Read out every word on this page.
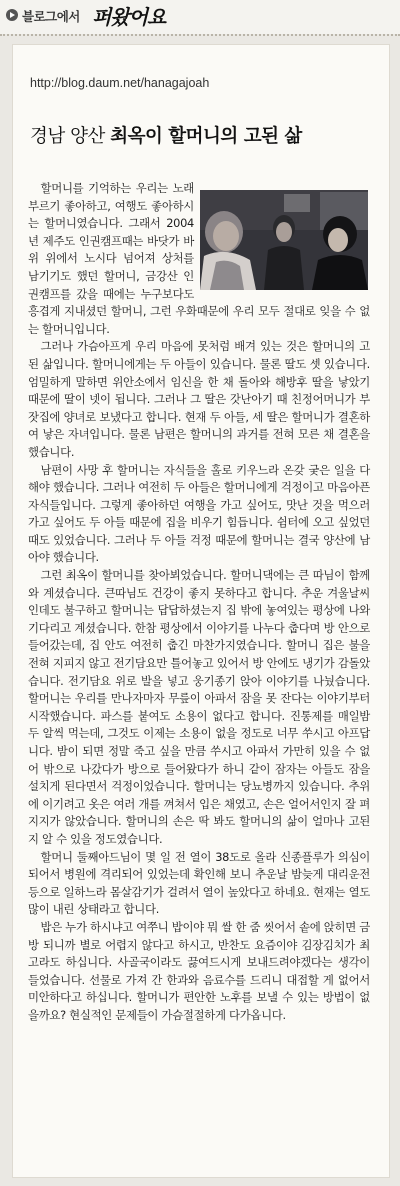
블로그에서 퍼왔어요
http://blog.daum.net/hanagajoah
경남 양산 최옥이 할머니의 고된 삶

할머니를 기억하는 우리는 노래부르기 좋아하고, 여행도 좋아하시는 할머니였습니다. 그래서 2004년 제주도 인권캠프때는 바닷가 바위 위에서 노시다 넘어져 상처를 남기기도 했던 할머니, 금강산 인권캠프를 갔을 때에는 누구보다도 흥겹게 지내셨던 할머니, 그런 우화때문에 우리 모두 절대로 잊을 수 없는 할머니입니다.

그러나 가슴아프게 우리 마음에 못처럼 배겨 있는 것은 할머니의 고된 삶입니다. 할머니에게는 두 아들이 있습니다. 물론 딸도 셋 있습니다. 엄밀하게 말하면 위안소에서 임신을 한 채 돌아와 해방후 딸을 낳았기 때문에 딸이 넷이 됩니다. 그러나 그 딸은 갓난아기 때 친정어머니가 부잣집에 양녀로 보냈다고 합니다. 현재 두 아들, 세 딸은 할머니가 결혼하여 낳은 자녀입니다. 물론 남편은 할머니의 과거를 전혀 모른 채 결혼을 했습니다.

남편이 사망 후 할머니는 자식들을 홀로 키우느라 온갖 궂은 일을 다 해야 했습니다. 그러나 여전히 두 아들은 할머니에게 걱정이고 마음아픈 자식들입니다. 그렇게 좋아하던 여행을 가고 싶어도, 맛난 것을 먹으러 가고 싶어도 두 아들 때문에 집을 비우기 힘듭니다. 쉼터에 오고 싶었던 때도 있었습니다. 그러나 두 아들 걱정 때문에 할머니는 결국 양산에 남아야 했습니다.

그런 최옥이 할머니를 찾아뵈었습니다. 할머니댁에는 큰 따님이 함께 와 계셨습니다. 큰따님도 건강이 좋지 못하다고 합니다. 추운 겨울날씨인데도 불구하고 할머니는 답답하셨는지 집 밖에 놓여있는 평상에 나와 기다리고 계셨습니다. 한참 평상에서 이야기를 나누다 춥다며 방 안으로 들어갔는데, 집 안도 여전히 춥긴 마찬가지였습니다. 할머니 집은 불을 전혀 지피지 않고 전기담요만 틀어놓고 있어서 방 안에도 냉기가 감돌았습니다. 전기담요 위로 발을 넣고 웅기종기 앉아 이야기를 나눴습니다. 할머니는 우리를 만나자마자 무릎이 아파서 잠을 못 잔다는 이야기부터 시작했습니다. 파스를 붙여도 소용이 없다고 합니다. 진통제를 매일밤 두 알씩 먹는데, 그것도 이제는 소용이 없을 정도로 너무 쑤시고 아프답니다. 밤이 되면 정말 죽고 싶을 만큼 쑤시고 아파서 가만히 있을 수 없어 밖으로 나갔다가 방으로 들어왔다가 하니 같이 잠자는 아들도 잠을 설치게 된다면서 걱정이었습니다. 할머니는 당뇨병까지 있습니다. 추위에 이기려고 옷은 여러 개를 껴쳐서 입은 채였고, 손은 얼어서인지 잘 펴지지가 않았습니다. 할머니의 손은 딱 봐도 할머니의 삶이 얼마나 고된지 알 수 있을 정도였습니다.

할머니 둘째아드님이 몇 일 전 열이 38도로 올라 신종플루가 의심이 되어서 병원에 격리되어 있었는데 확인해 보니 추운날 밤늦게 대리운전 등으로 일하느라 몸살감기가 걸려서 열이 높았다고 하네요. 현재는 열도 많이 내린 상태라고 합니다.

밥은 누가 하시냐고 여쭈니 밥이야 뭐 쌀 한 줌 씻어서 솥에 앉히면 금방 되니까 별로 어렵지 않다고 하시고, 반찬도 요즘이야 김장김치가 최고라도 하십니다. 사골국이라도 끓여드시게 보내드려야겠다는 생각이 들었습니다. 선물로 가져 간 한과와 음료수를 드리니 대접할 게 없어서 미안하다고 하십니다. 할머니가 편안한 노후를 보낼 수 있는 방법이 없을까요? 현실적인 문제들이 가슴절절하게 다가옵니다.
